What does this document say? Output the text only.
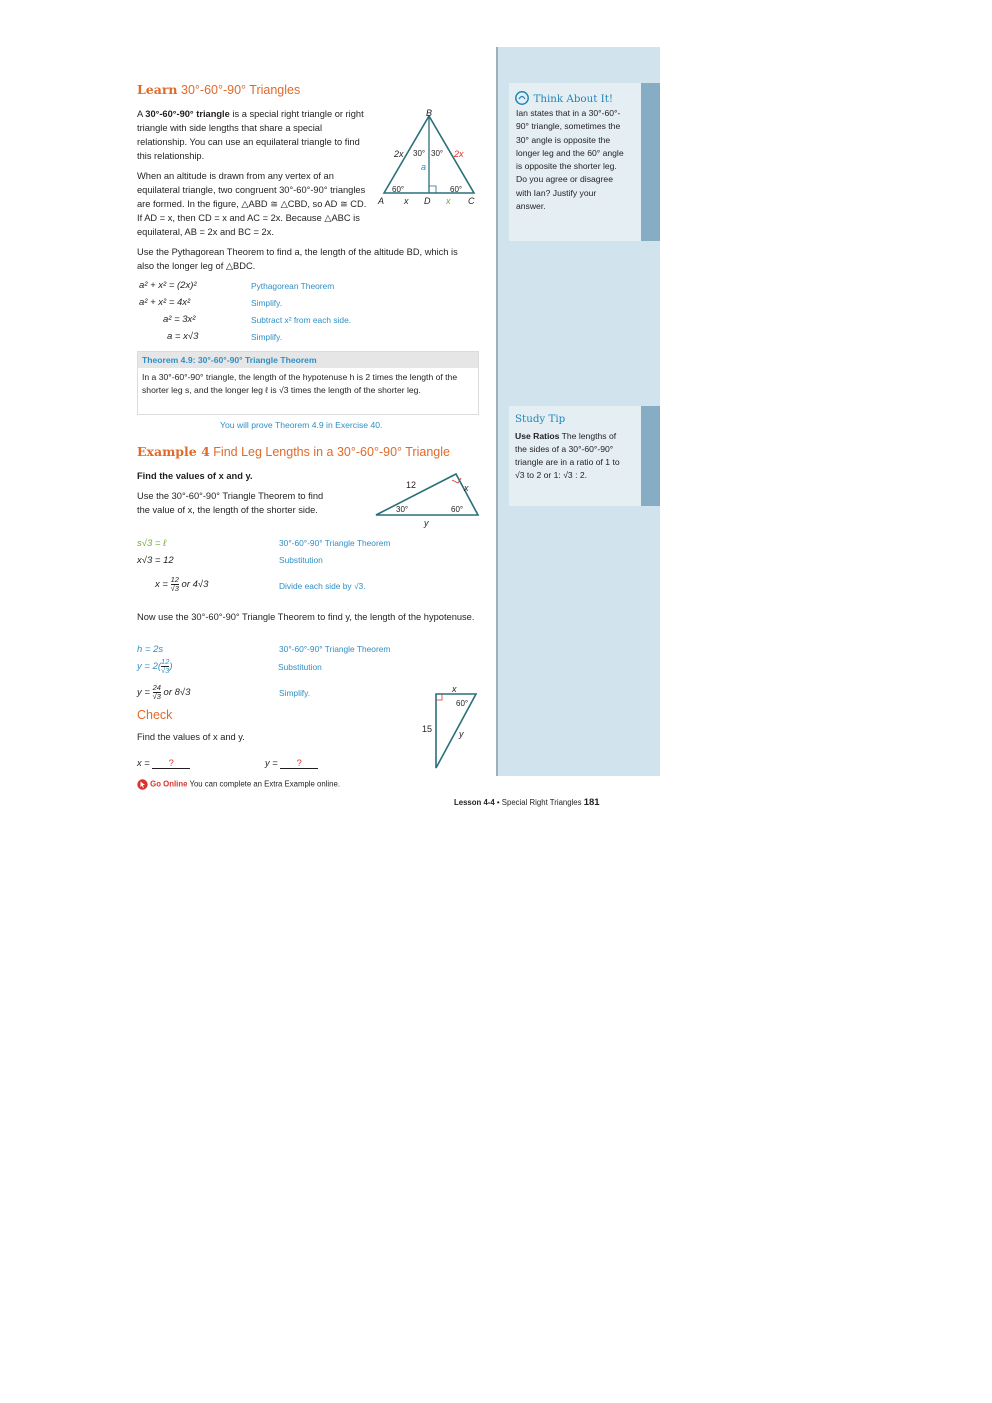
Think About It!
Ian states that in a 30°-60°- 90° triangle, sometimes the 30° angle is opposite the longer leg and the 60° angle is opposite the shorter leg. Do you agree or disagree with Ian? Justify your answer.
Study Tip
Use Ratios The lengths of the sides of a 30°-60°-90° triangle are in a ratio of 1 to √3 to 2 or 1: √3 : 2.
Learn 30°-60°-90° Triangles
A 30°-60°-90° triangle is a special right triangle or right triangle with side lengths that share a special relationship. You can use an equilateral triangle to find this relationship.
When an altitude is drawn from any vertex of an equilateral triangle, two congruent 30°-60°-90° triangles are formed. In the figure, △ABD ≅ △CBD, so AD ≅ CD. If AD = x, then CD = x and AC = 2x. Because △ABC is equilateral, AB = 2x and BC = 2x.
Use the Pythagorean Theorem to find a, the length of the altitude BD, which is also the longer leg of △BDC.
B
A	D	C
2x	2x
a
30° 30°
60°	60°
x	x
a² + x² = (2x)²	Pythagorean Theorem
a² + x² = 4x²	Simplify.
a² = 3x²	Subtract x² from each side.
a = x√3	Simplify.
Theorem 4.9: 30°-60°-90° Triangle Theorem
In a 30°-60°-90° triangle, the length of the hypotenuse h is 2 times the length of the shorter leg s, and the longer leg ℓ is √3 times the length of the shorter leg.
You will prove Theorem 4.9 in Exercise 40.
Example 4 Find Leg Lengths in a 30°-60°-90° Triangle
Find the values of x and y.
Use the 30°-60°-90° Triangle Theorem to find the value of x, the length of the shorter side.
12	x
y
30°	60°
s√3 = ℓ	30°-60°-90° Triangle Theorem
x√3 = 12	Substitution
$x = \frac{12}{√3}$ or 4√3	Divide each side by √3.
Now use the 30°-60°-90° Triangle Theorem to find y, the length of the hypotenuse.
h = 2s	30°-60°-90° Triangle Theorem
$y = 2( \frac{12}{√3}$ )	Substitution
$y = \frac{24}{√3}$ or 8√3	Simplify.
Check
Find the values of x and y.
x = ?	y = ?
x
15	y
60°
Go Online You can complete an Extra Example online.
Lesson 4-4 • Special Right Triangles 181
